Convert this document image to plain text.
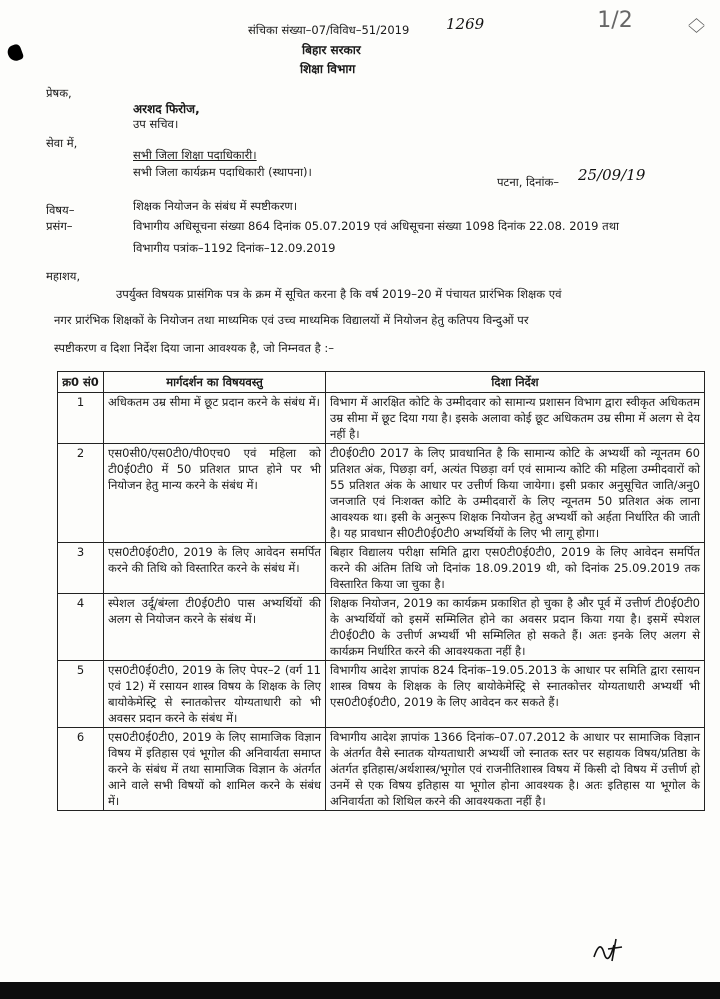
1/2	︿
﹀
संचिका संख्या–07/विविध–51/2019 1269
बिहार सरकार
शिक्षा विभाग
प्रेषक,
अरशद फिरोज,
उप सचिव।
सेवा में,
सभी जिला शिक्षा पदाधिकारी।
सभी जिला कार्यक्रम पदाधिकारी (स्थापना)।
पटना, दिनांक– 25/09/19
विषय–	शिक्षक नियोजन के संबंध में स्पष्टीकरण।
प्रसंग–	विभागीय अधिसूचना संख्या 864 दिनांक 05.07.2019 एवं अधिसूचना संख्या 1098 दिनांक 22.08. 2019 तथा
विभागीय पत्रांक–1192 दिनांक–12.09.2019
महाशय,
उपर्युक्त विषयक प्रासंगिक पत्र के क्रम में सूचित करना है कि वर्ष 2019–20 में पंचायत प्रारंभिक शिक्षक एवं
नगर प्रारंभिक शिक्षकों के नियोजन तथा माध्यमिक एवं उच्च माध्यमिक विद्यालयों में नियोजन हेतु कतिपय विन्दुओं पर
स्पष्टीकरण व दिशा निर्देश दिया जाना आवश्यक है, जो निम्नवत है :–
क्र0 सं0	मार्गदर्शन का विषयवस्तु	दिशा निर्देश
1	अधिकतम उम्र सीमा में छूट प्रदान करने के संबंध में।	विभाग में आरक्षित कोटि के उम्मीदवार को सामान्य प्रशासन विभाग द्वारा स्वीकृत अधिकतम उम्र सीमा में छूट दिया गया है। इसके अलावा कोई छूट अधिकतम उम्र सीमा में अलग से देय नहीं है।
2	एस0सी0/एस0टी0/पी0एच0 एवं महिला को टी0ई0टी0 में 50 प्रतिशत प्राप्त होने पर भी नियोजन हेतु मान्य करने के संबंध में।	टी0ई0टी0 2017 के लिए प्रावधानित है कि सामान्य कोटि के अभ्यर्थी को न्यूनतम 60 प्रतिशत अंक, पिछड़ा वर्ग, अत्यंत पिछड़ा वर्ग एवं सामान्य कोटि की महिला उम्मीदवारों को 55 प्रतिशत अंक के आधार पर उत्तीर्ण किया जायेगा। इसी प्रकार अनुसूचित जाति/अनु0 जनजाति एवं निःशक्त कोटि के उम्मीदवारों के लिए न्यूनतम 50 प्रतिशत अंक लाना आवश्यक था। इसी के अनुरूप शिक्षक नियोजन हेतु अभ्यर्थी को अर्हता निर्धारित की जाती है। यह प्रावधान सी0टी0ई0टी0 अभ्यर्थियों के लिए भी लागू होगा।
3	एस0टी0ई0टी0, 2019 के लिए आवेदन समर्पित करने की तिथि को विस्तारित करने के संबंध में।	बिहार विद्यालय परीक्षा समिति द्वारा एस0टी0ई0टी0, 2019 के लिए आवेदन समर्पित करने की अंतिम तिथि जो दिनांक 18.09.2019 थी, को दिनांक 25.09.2019 तक विस्तारित किया जा चुका है।
4	स्पेशल उर्दू/बंग्ला टी0ई0टी0 पास अभ्यर्थियों की अलग से नियोजन करने के संबंध में।	शिक्षक नियोजन, 2019 का कार्यक्रम प्रकाशित हो चुका है और पूर्व में उत्तीर्ण टी0ई0टी0 के अभ्यर्थियों को इसमें सम्मिलित होने का अवसर प्रदान किया गया है। इसमें स्पेशल टी0ई0टी0 के उत्तीर्ण अभ्यर्थी भी सम्मिलित हो सकते हैं। अतः इनके लिए अलग से कार्यक्रम निर्धारित करने की आवश्यकता नहीं है।
5	एस0टी0ई0टी0, 2019 के लिए पेपर–2 (वर्ग 11 एवं 12) में रसायन शास्त्र विषय के शिक्षक के लिए बायोकेमेस्ट्रि से स्नातकोत्तर योग्यताधारी को भी अवसर प्रदान करने के संबंध में।	विभागीय आदेश ज्ञापांक 824 दिनांक–19.05.2013 के आधार पर समिति द्वारा रसायन शास्त्र विषय के शिक्षक के लिए बायोकेमेस्ट्रि से स्नातकोत्तर योग्यताधारी अभ्यर्थी भी एस0टी0ई0टी0, 2019 के लिए आवेदन कर सकते हैं।
6	एस0टी0ई0टी0, 2019 के लिए सामाजिक विज्ञान विषय में इतिहास एवं भूगोल की अनिवार्यता समाप्त करने के संबंध में तथा सामाजिक विज्ञान के अंतर्गत आने वाले सभी विषयों को शामिल करने के संबंध में।	विभागीय आदेश ज्ञापांक 1366 दिनांक–07.07.2012 के आधार पर सामाजिक विज्ञान के अंतर्गत वैसे स्नातक योग्यताधारी अभ्यर्थी जो स्नातक स्तर पर सहायक विषय/प्रतिष्ठा के अंतर्गत इतिहास/अर्थशास्त्र/भूगोल एवं राजनीतिशास्त्र विषय में किसी दो विषय में उत्तीर्ण हो उनमें से एक विषय इतिहास या भूगोल होना आवश्यक है। अतः इतिहास या भूगोल के अनिवार्यता को शिथिल करने की आवश्यकता नहीं है।
